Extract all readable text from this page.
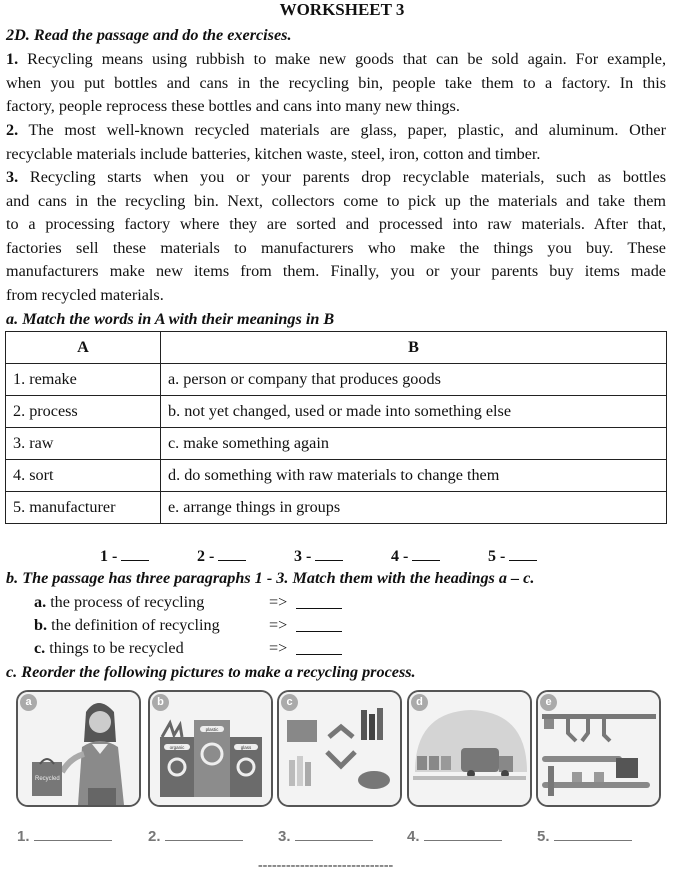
WORKSHEET 3
2D. Read the passage and do the exercises.
1. Recycling means using rubbish to make new goods that can be sold again. For example,
when you put bottles and cans in the recycling bin, people take them to a factory. In this
factory, people reprocess these bottles and cans into many new things.
2. The most well-known recycled materials are glass, paper, plastic, and aluminum. Other
recyclable materials include batteries, kitchen waste, steel, iron, cotton and timber.
3. Recycling starts when you or your parents drop recyclable materials, such as bottles
and cans in the recycling bin. Next, collectors come to pick up the materials and take them
to a processing factory where they are sorted and processed into raw materials. After that,
factories sell these materials to manufacturers who make the things you buy. These
manufacturers make new items from them. Finally, you or your parents buy items made
from recycled materials.
a. Match the words in A with their meanings in B
A	B
1. remake	a. person or company that produces goods
2. process	b. not yet changed, used or made into something else
3. raw	c. make something again
4. sort	d. do something with raw materials to change them
5. manufacturer	e. arrange things in groups
1 -	2 -	3 -	4 -	5 -
b. The passage has three paragraphs 1 - 3. Match them with the headings a – c.
a. the process of recycling	=>
b. the definition of recycling	=>
c. things to be recycled	=>
c. Reorder the following pictures to make a recycling process.
Recycled
a
organic
plastic
glass
b	c	d	e
1.	2.	3.	4.	5.
-----------------------------
